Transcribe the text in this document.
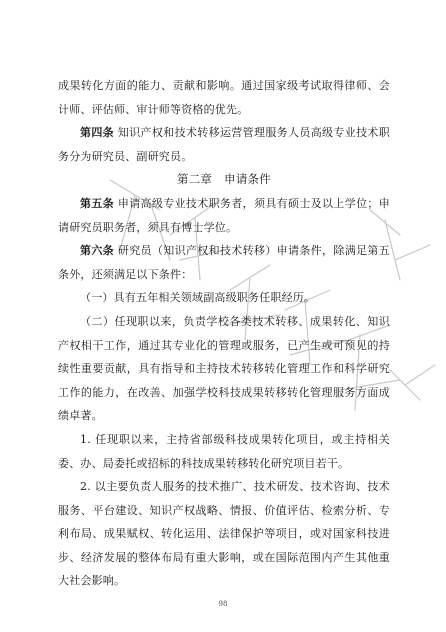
成果转化方面的能力、贡献和影响。通过国家级考试取得律师、会计师、评估师、审计师等资格的优先。

第四条 知识产权和技术转移运营管理服务人员高级专业技术职务分为研究员、副研究员。

第二章 申请条件

第五条 申请高级专业技术职务者，须具有硕士及以上学位；申请研究员职务者，须具有博士学位。

第六条 研究员（知识产权和技术转移）申请条件，除满足第五条外，还须满足以下条件：

（一）具有五年相关领域副高级职务任职经历。

（二）任现职以来，负责学校各类技术转移、成果转化、知识产权相干工作，通过其专业化的管理或服务，已产生或可预见的持续性重要贡献，具有指导和主持技术转移转化管理工作和科学研究工作的能力，在改善、加强学校科技成果转移转化管理服务方面成绩卓著。

1. 任现职以来，主持省部级科技成果转化项目，或主持相关委、办、局委托或招标的科技成果转移转化研究项目若干。

2. 以主要负责人服务的技术推广、技术研发、技术咨询、技术服务、平台建设、知识产权战略、情报、价值评估、检索分析、专利布局、成果赋权、转化运用、法律保护等项目，或对国家科技进步、经济发展的整体布局有重大影响，或在国际范围内产生其他重大社会影响。

98
